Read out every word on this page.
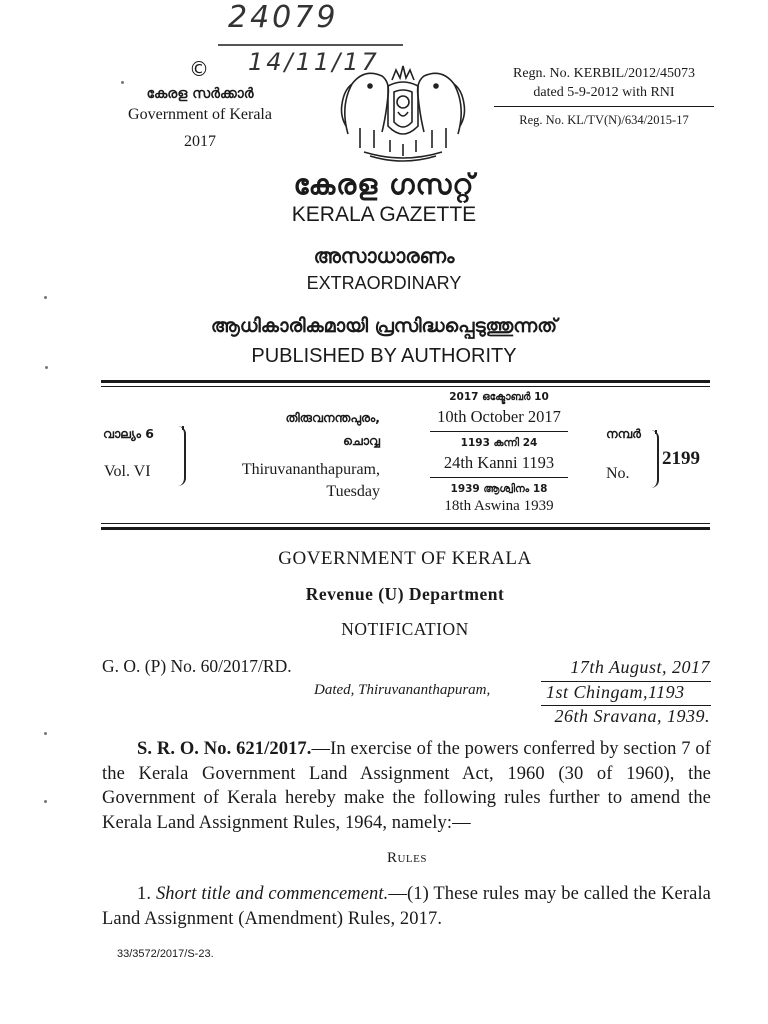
24079
14/11/17
©
കേരള സർക്കാർ
Government of Kerala
2017
Regn. No. KERBIL/2012/45073
dated 5-9-2012 with RNI
Reg. No. KL/TV(N)/634/2015-17
കേരള ഗസറ്റ്
KERALA GAZETTE
അസാധാരണം
EXTRAORDINARY
ആധികാരികമായി പ്രസിദ്ധപ്പെടുത്തുന്നത്
PUBLISHED BY AUTHORITY
വാല്യം 6
Vol. VI
തിരുവനന്തപുരം,
ചൊവ്വ
Thiruvananthapuram,
Tuesday
2017 ഒക്ടോബർ 10
10th October 2017
1193 കന്നി 24
24th Kanni 1193
1939 ആശ്വിനം 18
18th Aswina 1939
നമ്പർ
No.
2199
GOVERNMENT OF KERALA
Revenue (U) Department
NOTIFICATION
G. O. (P) No. 60/2017/RD.
Dated, Thiruvananthapuram,
17th August, 2017
1st Chingam,1193
26th Sravana, 1939.
S. R. O. No. 621/2017.—In exercise of the powers conferred by section 7 of the Kerala Government Land Assignment Act, 1960 (30 of 1960), the Government of Kerala hereby make the following rules further to amend the Kerala Land Assignment Rules, 1964, namely:—
Rules
1. Short title and commencement.—(1) These rules may be called the Kerala Land Assignment (Amendment) Rules, 2017.
33/3572/2017/S-23.
